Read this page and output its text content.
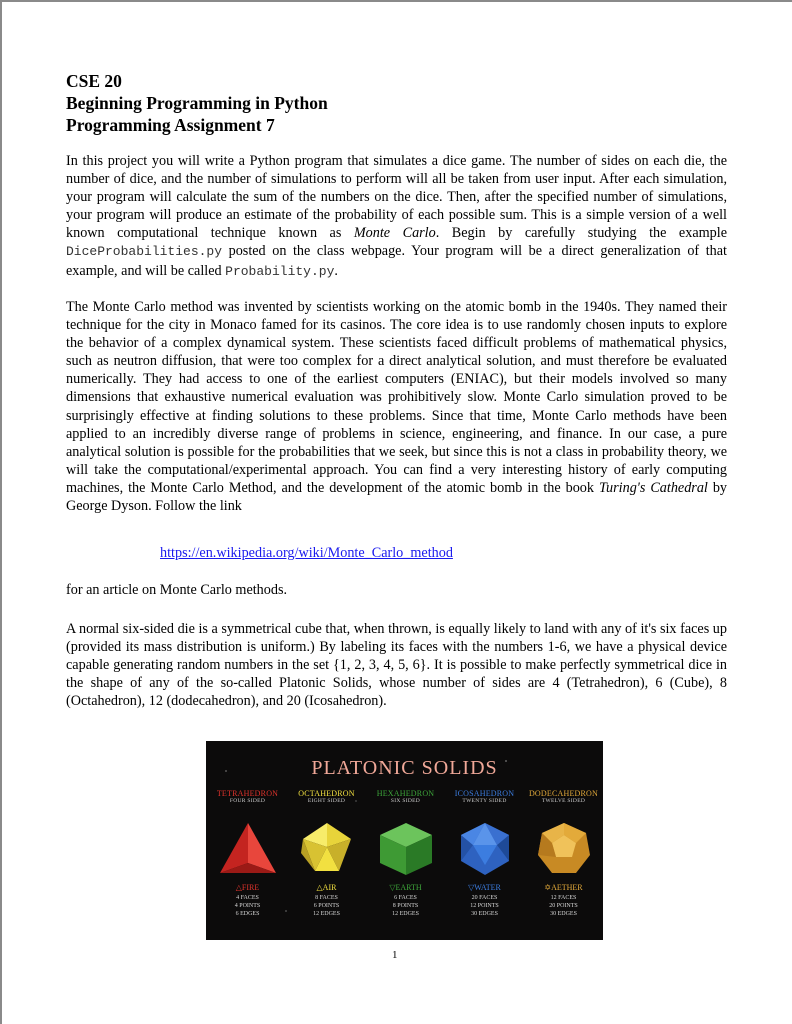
CSE 20
Beginning Programming in Python
Programming Assignment 7
In this project you will write a Python program that simulates a dice game. The number of sides on each die, the number of dice, and the number of simulations to perform will all be taken from user input. After each simulation, your program will calculate the sum of the numbers on the dice. Then, after the specified number of simulations, your program will produce an estimate of the probability of each possible sum. This is a simple version of a well known computational technique known as Monte Carlo. Begin by carefully studying the example DiceProbabilities.py posted on the class webpage. Your program will be a direct generalization of that example, and will be called Probability.py.
The Monte Carlo method was invented by scientists working on the atomic bomb in the 1940s. They named their technique for the city in Monaco famed for its casinos. The core idea is to use randomly chosen inputs to explore the behavior of a complex dynamical system. These scientists faced difficult problems of mathematical physics, such as neutron diffusion, that were too complex for a direct analytical solution, and must therefore be evaluated numerically. They had access to one of the earliest computers (ENIAC), but their models involved so many dimensions that exhaustive numerical evaluation was prohibitively slow. Monte Carlo simulation proved to be surprisingly effective at finding solutions to these problems. Since that time, Monte Carlo methods have been applied to an incredibly diverse range of problems in science, engineering, and finance. In our case, a pure analytical solution is possible for the probabilities that we seek, but since this is not a class in probability theory, we will take the computational/experimental approach. You can find a very interesting history of early computing machines, the Monte Carlo Method, and the development of the atomic bomb in the book Turing's Cathedral by George Dyson. Follow the link
https://en.wikipedia.org/wiki/Monte_Carlo_method
for an article on Monte Carlo methods.
A normal six-sided die is a symmetrical cube that, when thrown, is equally likely to land with any of it's six faces up (provided its mass distribution is uniform.) By labeling its faces with the numbers 1-6, we have a physical device capable generating random numbers in the set {1, 2, 3, 4, 5, 6}. It is possible to make perfectly symmetrical dice in the shape of any of the so-called Platonic Solids, whose number of sides are 4 (Tetrahedron), 6 (Cube), 8 (Octahedron), 12 (dodecahedron), and 20 (Icosahedron).
PLATONIC SOLIDS
TETRAHEDRON
FOUR SIDED
△FIRE
4 FACES
4 POINTS
6 EDGES
OCTAHEDRON
EIGHT SIDED
△AIR
8 FACES
6 POINTS
12 EDGES
HEXAHEDRON
SIX SIDED
▽EARTH
6 FACES
8 POINTS
12 EDGES
ICOSAHEDRON
TWENTY SIDED
▽WATER
20 FACES
12 POINTS
30 EDGES
DODECAHEDRON
TWELVE SIDED
✡AETHER
12 FACES
20 POINTS
30 EDGES
1
